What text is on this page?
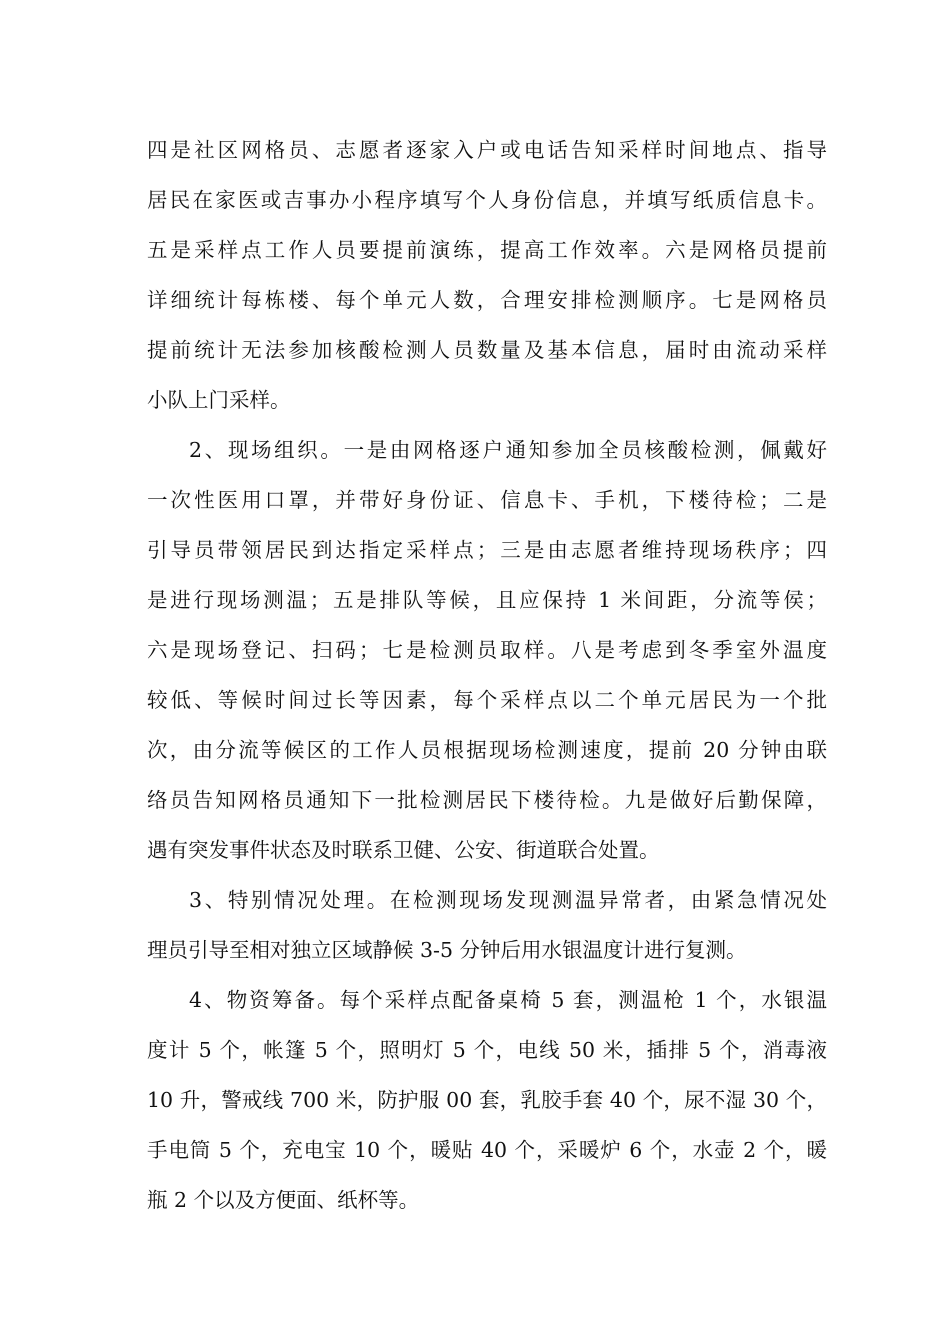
四是社区网格员、志愿者逐家入户或电话告知采样时间地点、指导
居民在家医或吉事办小程序填写个人身份信息，并填写纸质信息卡。
五是采样点工作人员要提前演练，提高工作效率。六是网格员提前
详细统计每栋楼、每个单元人数，合理安排检测顺序。七是网格员
提前统计无法参加核酸检测人员数量及基本信息，届时由流动采样
小队上门采样。
2、现场组织。一是由网格逐户通知参加全员核酸检测，佩戴好
一次性医用口罩，并带好身份证、信息卡、手机，下楼待检；二是
引导员带领居民到达指定采样点；三是由志愿者维持现场秩序；四
是进行现场测温；五是排队等候，且应保持 1 米间距，分流等侯；
六是现场登记、扫码；七是检测员取样。八是考虑到冬季室外温度
较低、等候时间过长等因素，每个采样点以二个单元居民为一个批
次，由分流等候区的工作人员根据现场检测速度，提前 20 分钟由联
络员告知网格员通知下一批检测居民下楼待检。九是做好后勤保障，
遇有突发事件状态及时联系卫健、公安、街道联合处置。
3、特别情况处理。在检测现场发现测温异常者，由紧急情况处
理员引导至相对独立区域静候 3-5 分钟后用水银温度计进行复测。
4、物资筹备。每个采样点配备桌椅 5 套，测温枪 1 个，水银温
度计 5 个，帐篷 5 个，照明灯 5 个，电线 50 米，插排 5 个，消毒液
10 升，警戒线 700 米，防护服 00 套，乳胶手套 40 个，尿不湿 30 个，
手电筒 5 个，充电宝 10 个，暖贴 40 个，采暖炉 6 个，水壶 2 个，暖
瓶 2 个以及方便面、纸杯等。
